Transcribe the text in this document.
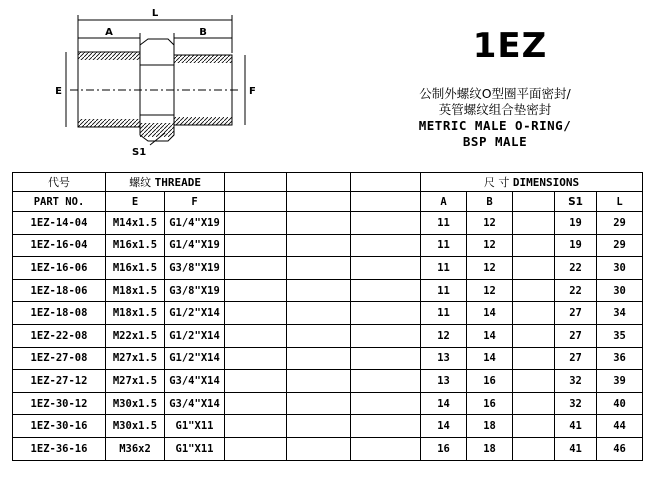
L
A	B
E	F
S1
1EZ
公制外螺纹O型圈平面密封/
英管螺纹组合垫密封
METRIC MALE O-RING/
BSP MALE
代号	螺纹 THREADE					尺 寸 DIMENSIONS				
PART NO.	E	F				A	B		S1	L
1EZ-14-04	M14x1.5	G1/4"X19				11	12		19	29
1EZ-16-04	M16x1.5	G1/4"X19				11	12		19	29
1EZ-16-06	M16x1.5	G3/8"X19				11	12		22	30
1EZ-18-06	M18x1.5	G3/8"X19				11	12		22	30
1EZ-18-08	M18x1.5	G1/2"X14				11	14		27	34
1EZ-22-08	M22x1.5	G1/2"X14				12	14		27	35
1EZ-27-08	M27x1.5	G1/2"X14				13	14		27	36
1EZ-27-12	M27x1.5	G3/4"X14				13	16		32	39
1EZ-30-12	M30x1.5	G3/4"X14				14	16		32	40
1EZ-30-16	M30x1.5	G1"X11				14	18		41	44
1EZ-36-16	M36x2	G1"X11				16	18		41	46
